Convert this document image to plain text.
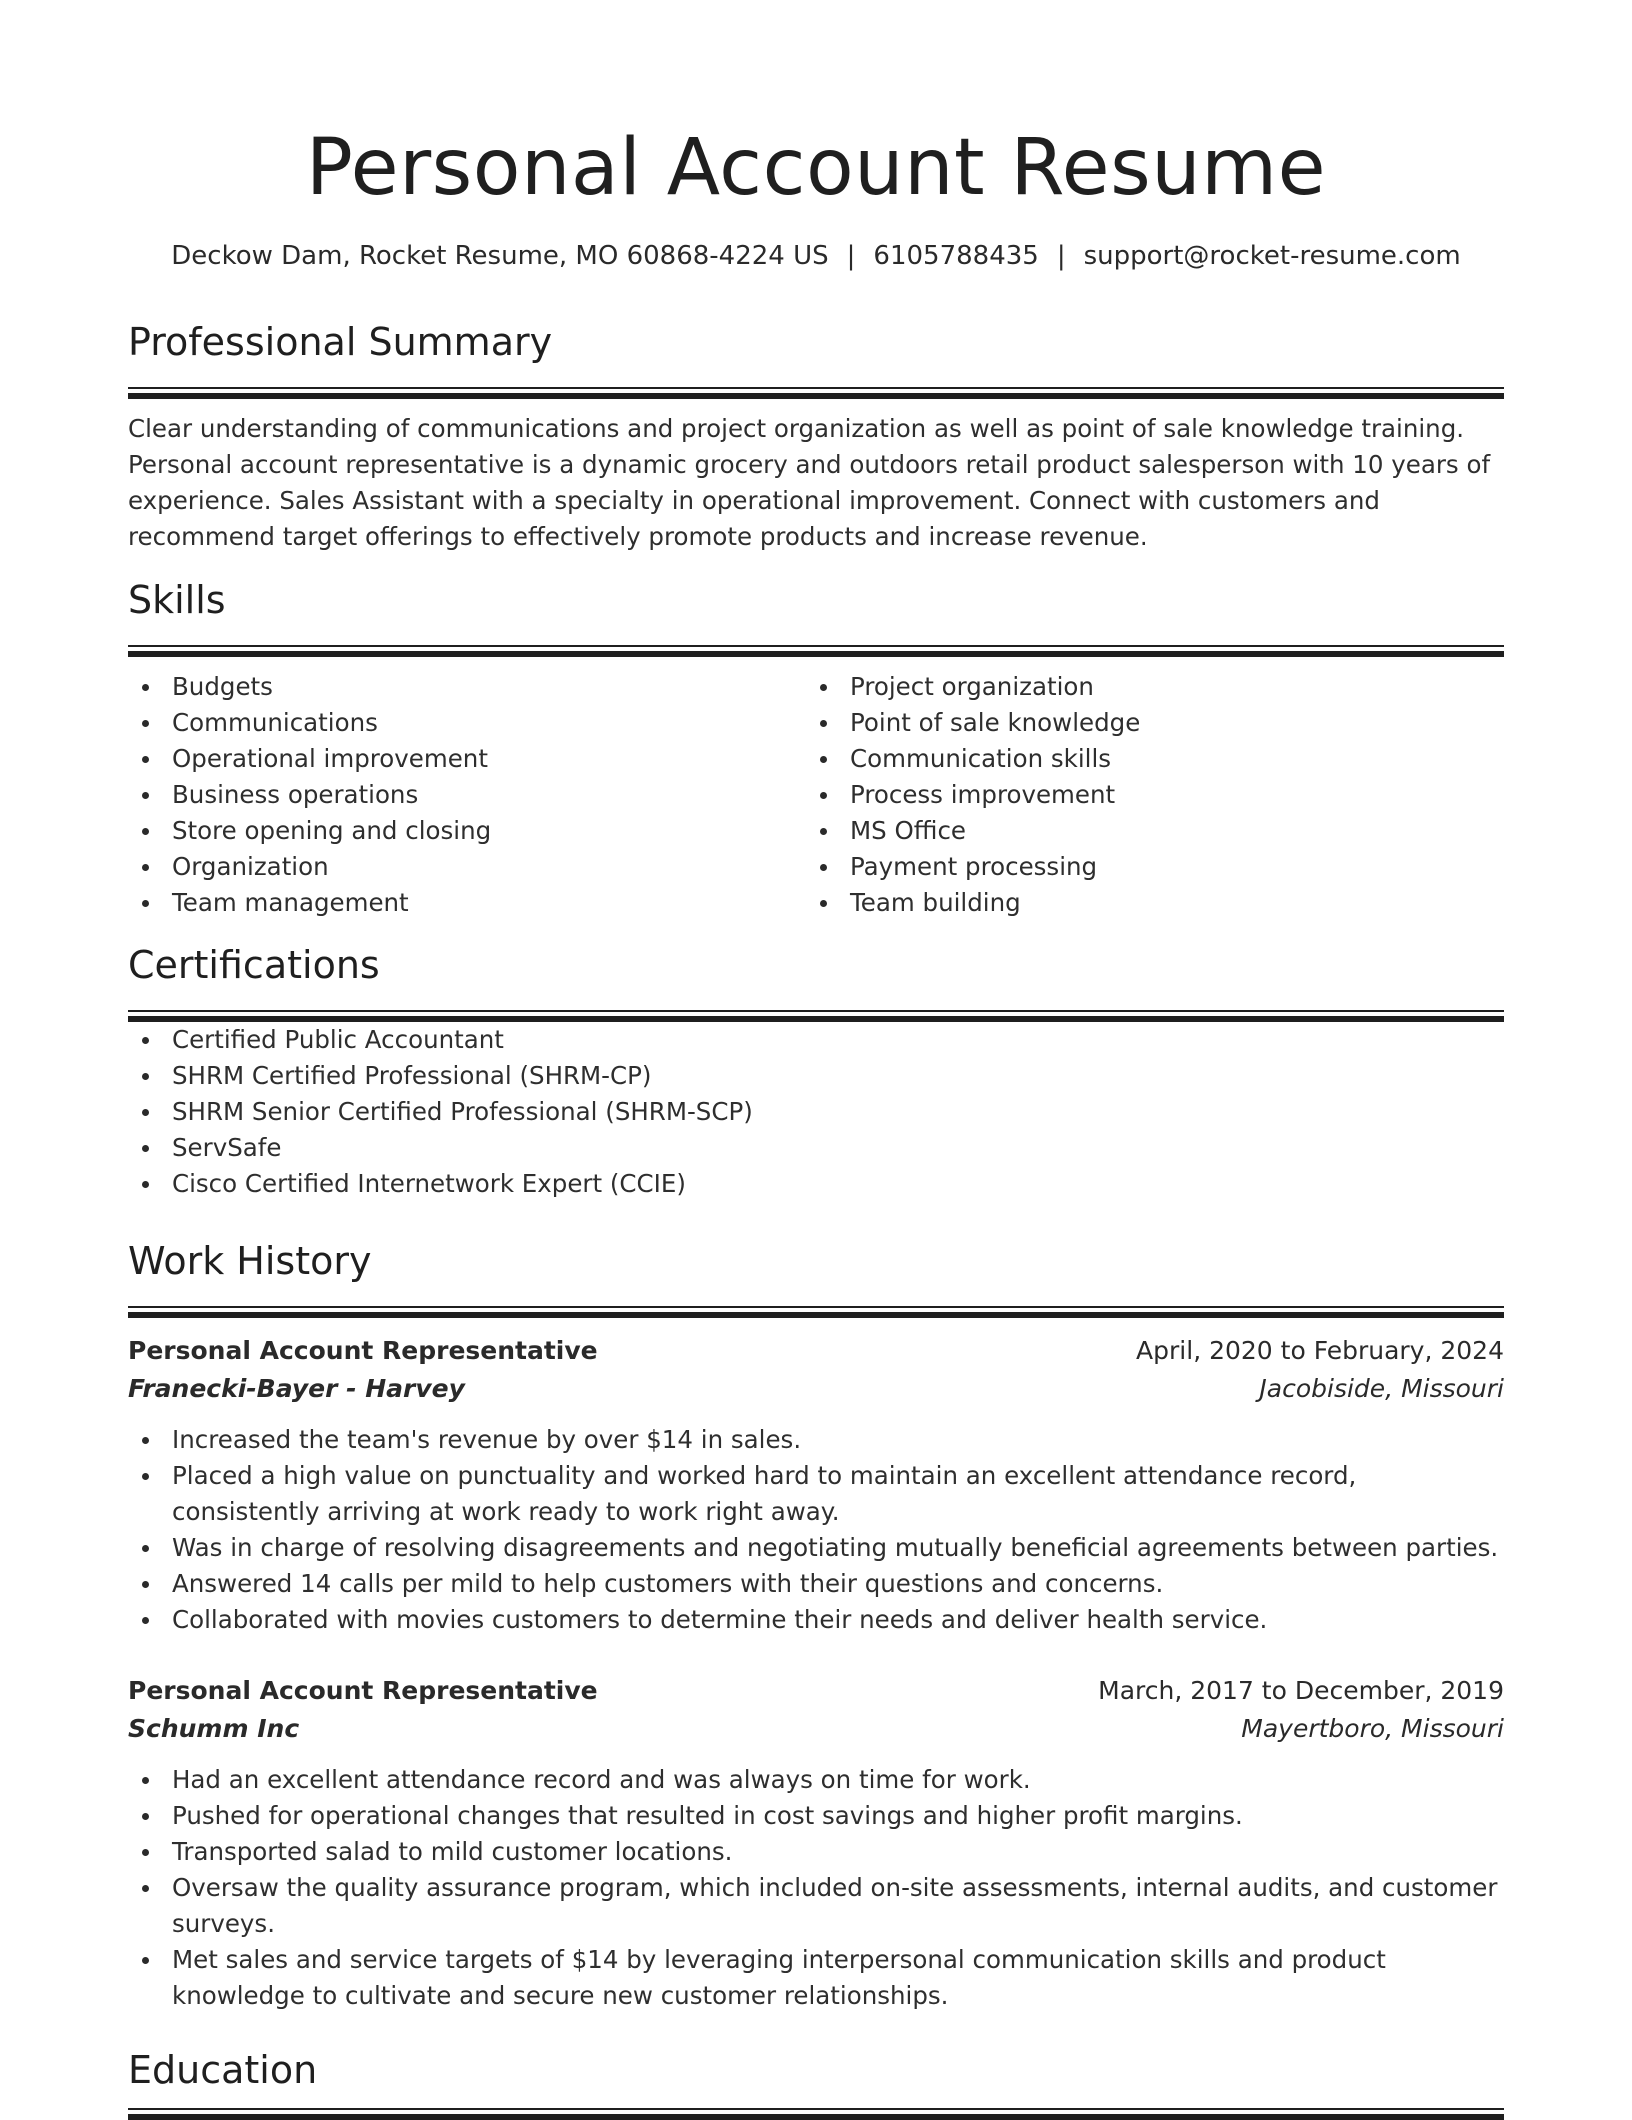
Personal Account Resume
Deckow Dam, Rocket Resume, MO 60868-4224 US | 6105788435 | support@rocket-resume.com
Professional Summary
Clear understanding of communications and project organization as well as point of sale knowledge training. Personal account representative is a dynamic grocery and outdoors retail product salesperson with 10 years of experience. Sales Assistant with a specialty in operational improvement. Connect with customers and recommend target offerings to effectively promote products and increase revenue.
Skills
Budgets
Communications
Operational improvement
Business operations
Store opening and closing
Organization
Team management
Project organization
Point of sale knowledge
Communication skills
Process improvement
MS Office
Payment processing
Team building
Certifications
Certified Public Accountant
SHRM Certified Professional (SHRM-CP)
SHRM Senior Certified Professional (SHRM-SCP)
ServSafe
Cisco Certified Internetwork Expert (CCIE)
Work History
Personal Account Representative	April, 2020 to February, 2024
Franecki-Bayer - Harvey	Jacobiside, Missouri
Increased the team's revenue by over $14 in sales.
Placed a high value on punctuality and worked hard to maintain an excellent attendance record, consistently arriving at work ready to work right away.
Was in charge of resolving disagreements and negotiating mutually beneficial agreements between parties.
Answered 14 calls per mild to help customers with their questions and concerns.
Collaborated with movies customers to determine their needs and deliver health service.
Personal Account Representative	March, 2017 to December, 2019
Schumm Inc	Mayertboro, Missouri
Had an excellent attendance record and was always on time for work.
Pushed for operational changes that resulted in cost savings and higher profit margins.
Transported salad to mild customer locations.
Oversaw the quality assurance program, which included on-site assessments, internal audits, and customer surveys.
Met sales and service targets of $14 by leveraging interpersonal communication skills and product knowledge to cultivate and secure new customer relationships.
Education
